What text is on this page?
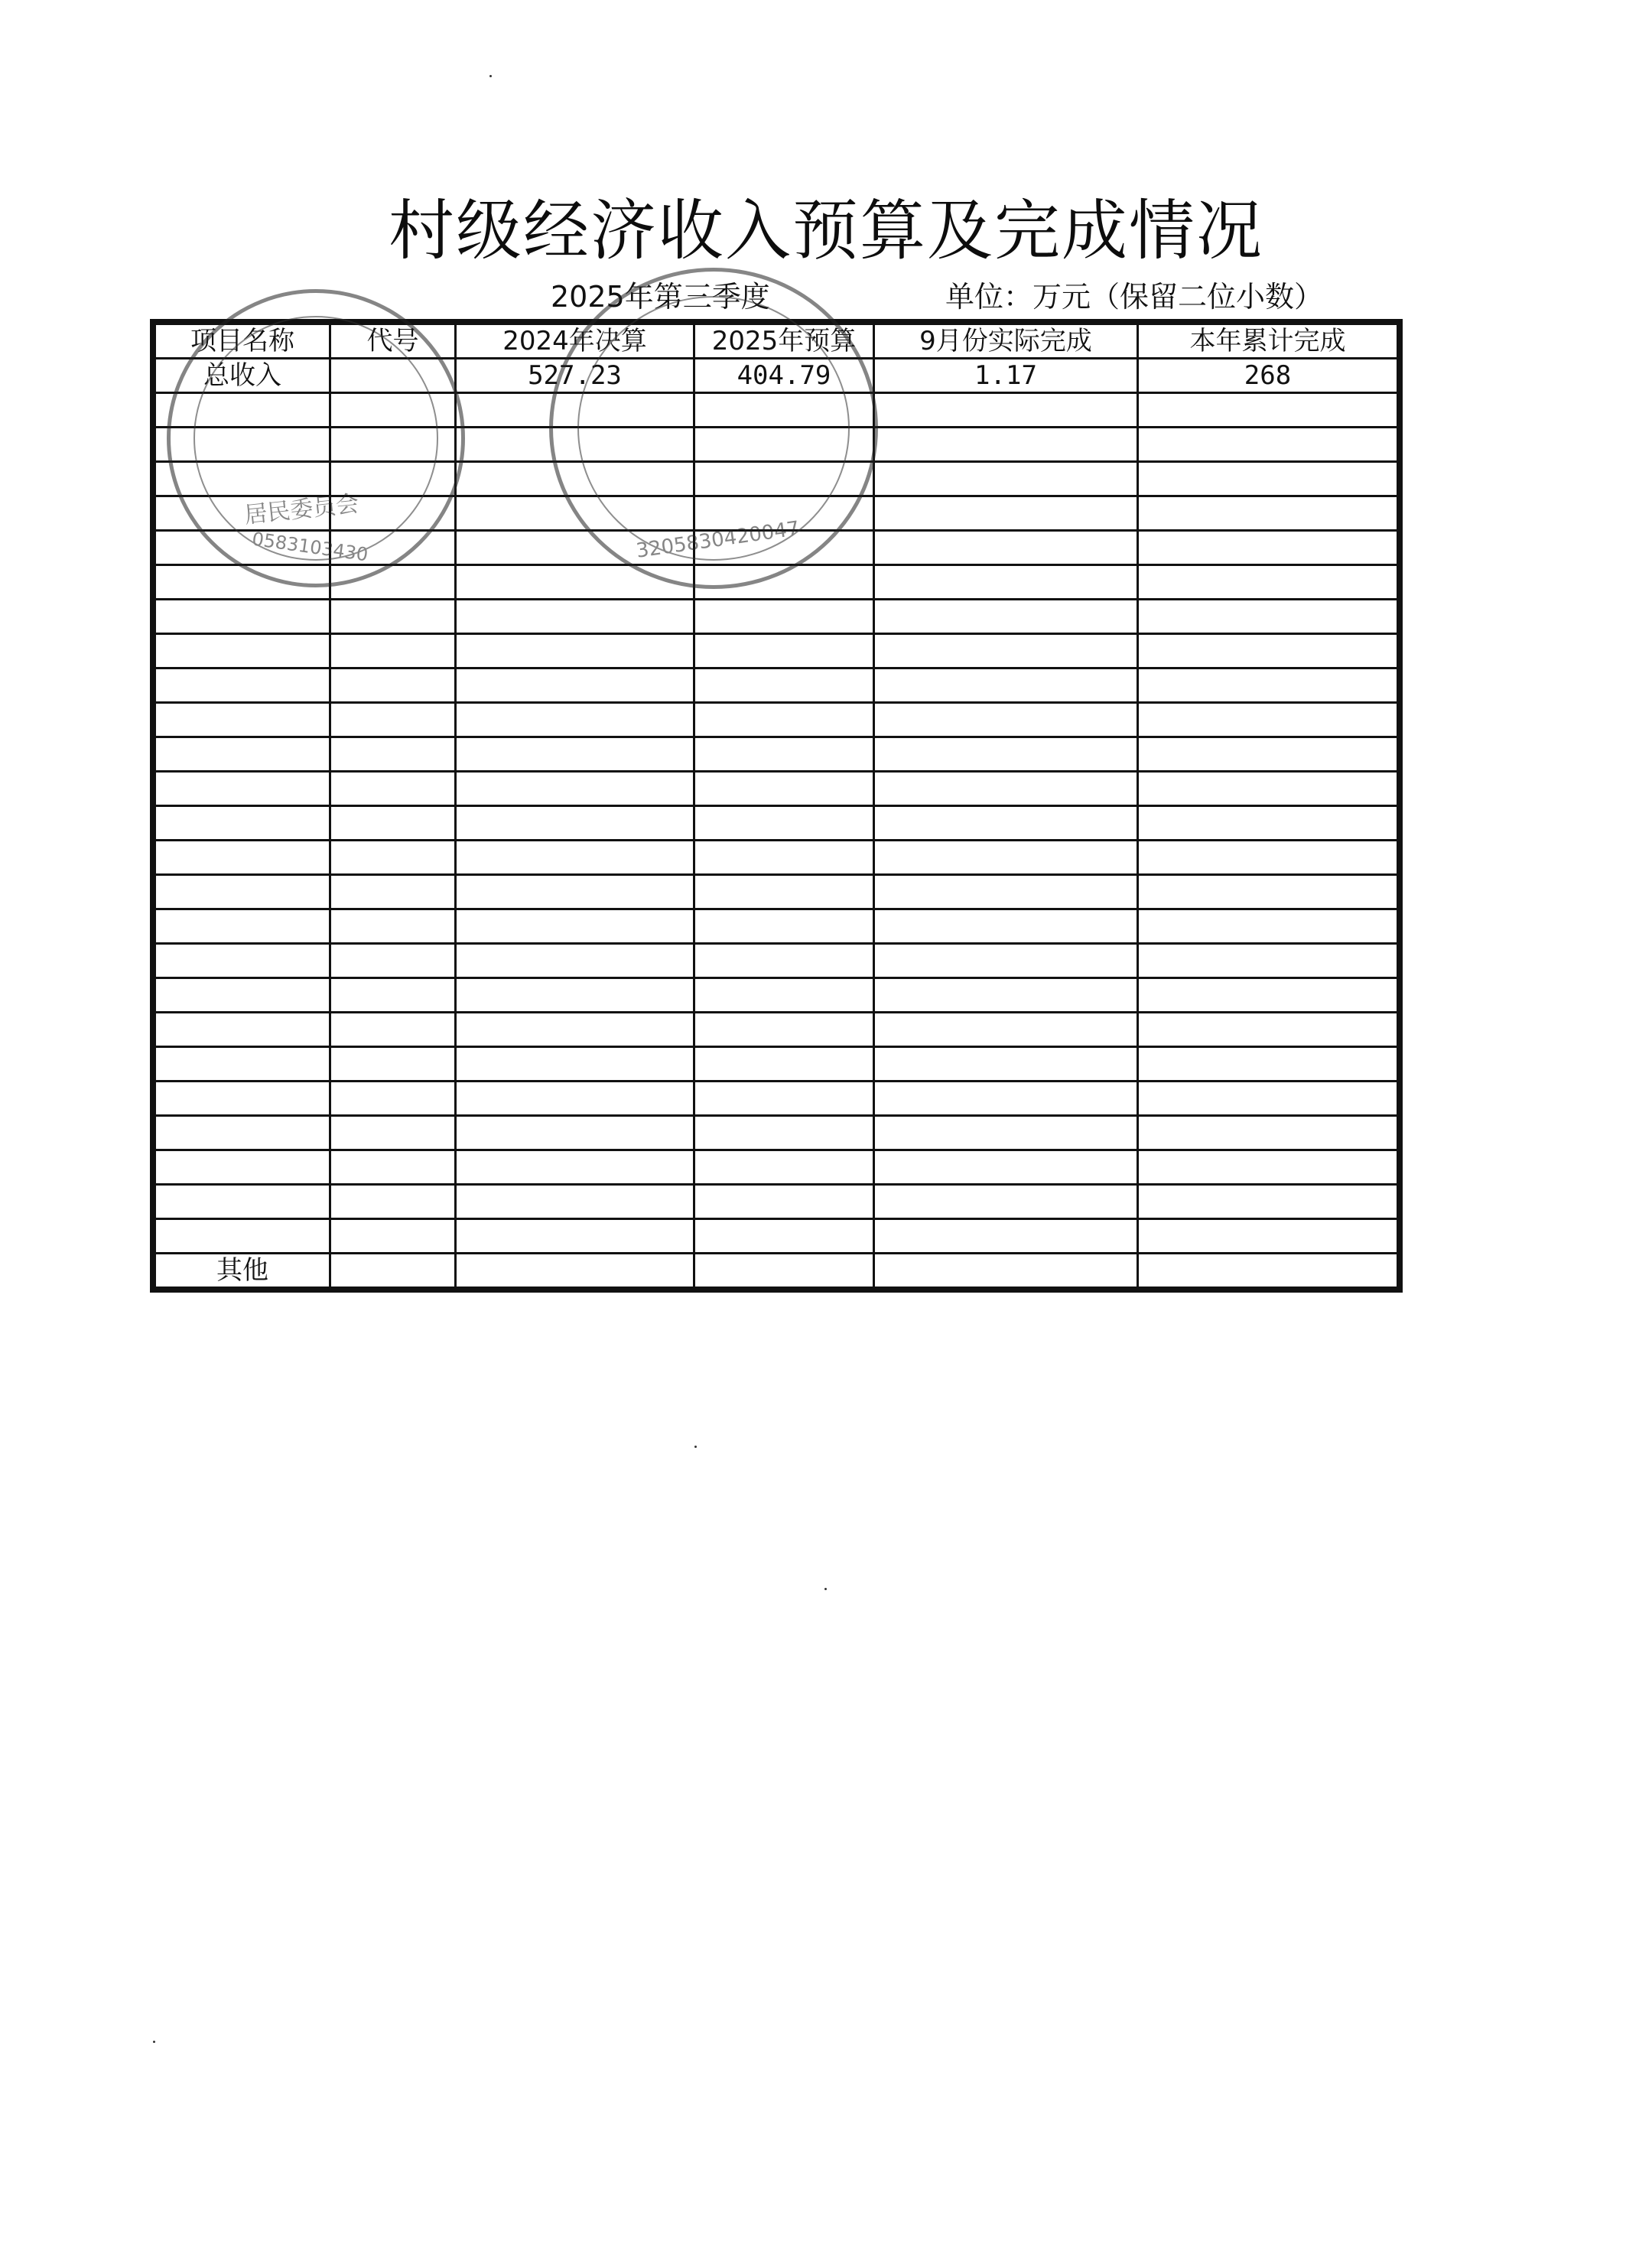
村级经济收入预算及完成情况
2025年第三季度	单位：万元（保留二位小数）
项目名称	代号	2024年决算	2025年预算	9月份实际完成	本年累计完成
总收入		527.23	404.79	1.17	268

其他					
居民委员会
0583103430	3205830420047
